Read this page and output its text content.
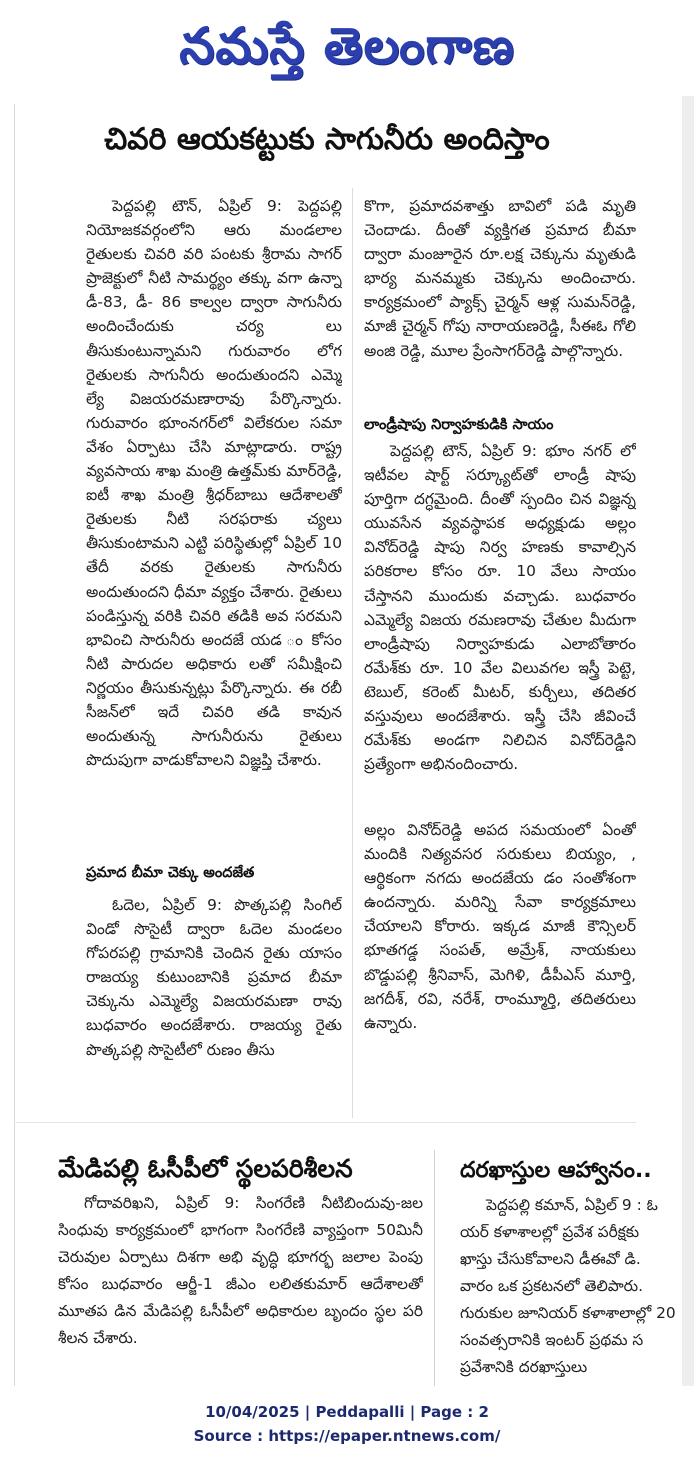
నమస్తే తెలంగాణ
చివరి ఆయకట్టుకు సాగునీరు అందిస్తాం

పెద్దపల్లి టౌన్, ఏప్రిల్ 9: పెద్దపల్లి నియోజకవర్గంలోని ఆరు మండలాల రైతులకు చివరి వరి పంటకు శ్రీరామ సాగర్ ప్రాజెక్టులో నీటి సామర్థ్యం తక్కు వగా ఉన్నా డీ-83, డీ- 86 కాల్వల ద్వారా సాగునీరు అందించేందుకు చర్య లు తీసుకుంటున్నామని గురువారం లోగ రైతులకు సాగునీరు అందుతుందని ఎమ్మె ల్యే విజయరమణారావు పేర్కొన్నారు. గురువారం భూంనగర్‌లో విలేకరుల సమా వేశం ఏర్పాటు చేసి మాట్లాడారు. రాష్ట్ర వ్యవసాయ శాఖ మంత్రి ఉత్తమ్‌కు మార్‌రెడ్డి, ఐటీ శాఖ మంత్రి శ్రీధర్‌బాబు ఆదేశాలతో రైతులకు నీటి సరఫరాకు చ్యలు తీసుకుంటామని ఎట్టి పరిస్థితుల్లో ఏప్రిల్ 10 తేదీ వరకు రైతులకు సాగునీరు అందుతుందని ధీమా వ్యక్తం చేశారు. రైతులు పండిస్తున్న వరికి చివరి తడికి అవ సరమని భావించి సారునీరు అందజే యడ ం కోసం నీటి పారుదల అధికారు లతో సమీక్షించి నిర్ణయం తీసుకున్నట్లు పేర్కొన్నారు. ఈ రబీ సీజన్‌లో ఇదే చివరి తడి కావున అందుతున్న సాగునీరును రైతులు పొదుపుగా వాడుకోవాలని విజ్ఞప్తి చేశారు.

ప్రమాద బీమా చెక్కు అందజేత

ఓదెల, ఏప్రిల్ 9: పొత్కపల్లి సింగిల్ విండో సొసైటీ ద్వారా ఓదెల మండలం గోపరపల్లి గ్రామానికి చెందిన రైతు యాసం రాజయ్య కుటుంబానికి ప్రమాద బీమా చెక్కును ఎమ్మెల్యే విజయరమణా రావు బుధవారం అందజేశారు. రాజయ్య రైతు పొత్కపల్లి సొసైటీలో రుణం తీసు

కొగా, ప్రమాదవశాత్తు బావిలో పడి మృతి చెందాడు. దీంతో వ్యక్తిగత ప్రమాద బీమా ద్వారా మంజూరైన రూ.లక్ష చెక్కును మృతుడి భార్య మనమ్మకు చెక్కును అందించారు. కార్యక్రమంలో ప్యాక్స్ చైర్మన్ ఆళ్ల సుమన్‌రెడ్డి, మాజీ చైర్మన్ గోపు నారాయణరెడ్డి, సీఈఓ గోలి అంజి రెడ్డి, మూల ప్రేంసాగర్‌రెడ్డి పాల్గొన్నారు.

లాండ్రీషాపు నిర్వాహకుడికి సాయం

పెద్దపల్లి టౌన్, ఏప్రిల్ 9: భూం నగర్ లో ఇటీవల షార్ట్ సర్క్యూట్‌తో లాండ్రీ షాపు పూర్తిగా దగ్ధమైంది. దీంతో స్పందిం చిన విజ్ఞన్న యువసేన వ్యవస్థాపక అధ్యక్షుడు అల్లం వినోద్‌రెడ్డి షాపు నిర్వ హణకు కావాల్సిన పరికరాల కోసం రూ. 10 వేలు సాయం చేస్తానని ముందుకు వచ్చాడు. బుధవారం ఎమ్మెల్యే విజయ రమణరావు చేతుల మీదుగా లాండ్రీషాపు నిర్వాహకుడు ఎలాబోతారం రమేశ్‌కు రూ. 10 వేల విలువగల ఇస్త్రీ పెట్టె, టెబుల్, కరెంట్ మీటర్, కుర్చీలు, తదితర వస్తువులు అందజేశారు. ఇస్త్రీ చేసి జీవించే రమేశ్‌కు అండగా నిలిచిన వినోద్‌రెడ్డిని ప్రత్యేంగా అభినందించారు.

అల్లం వినోద్‌రెడ్డి అపద సమయంలో ఏంతో మందికి నిత్యవసర సరుకులు బియ్యం, , ఆర్థికంగా నగదు అందజేయ డం సంతోశంగా ఉందన్నారు. మరిన్ని సేవా కార్యక్రమాలు చేయాలని కోరారు. ఇక్కడ మాజీ కౌన్సిలర్ భూతగడ్డ సంపత్, అమ్రేశ్, నాయకులు బొడ్డుపల్లి శ్రీనివాస్, మెగిళి, డీపీఎస్ మూర్తి, జగదీశ్, రవి, నరేశ్, రాంమ్మూర్తి, తదితరులు ఉన్నారు.

మేడిపల్లి ఓసీపీలో స్థలపరిశీలన

గోదావరిఖని, ఏప్రిల్ 9: సింగరేణి నీటిబిందువు-జల సింధువు కార్యక్రమంలో భాగంగా సింగరేణి వ్యాప్తంగా 50మినీ చెరువుల ఏర్పాటు దిశగా అభి వృద్ధి భూగర్భ జలాల పెంపు కోసం బుధవారం ఆర్జీ-1 జీఎం లలితకుమార్ ఆదేశాలతో మూతప డిన మేడిపల్లి ఓసీపీలో అధికారుల బృందం స్థల పరి శీలన చేశారు.

దరఖాస్తుల ఆహ్వానం..

పెద్దపల్లి కమాన్, ఏప్రిల్ 9 : ఓ

యర్ కళాశాలల్లో ప్రవేశ పరీక్షకు

ఖాస్తు చేసుకోవాలని డీఈవో డి.

వారం ఒక ప్రకటనలో తెలిపారు.

గురుకుల జూనియర్ కళాశాలాల్లో 20

సంవత్సరానికి ఇంటర్ ప్రథమ స

ప్రవేశానికి దరఖాస్తులు

10/04/2025 | Peddapalli | Page : 2
Source : https://epaper.ntnews.com/
